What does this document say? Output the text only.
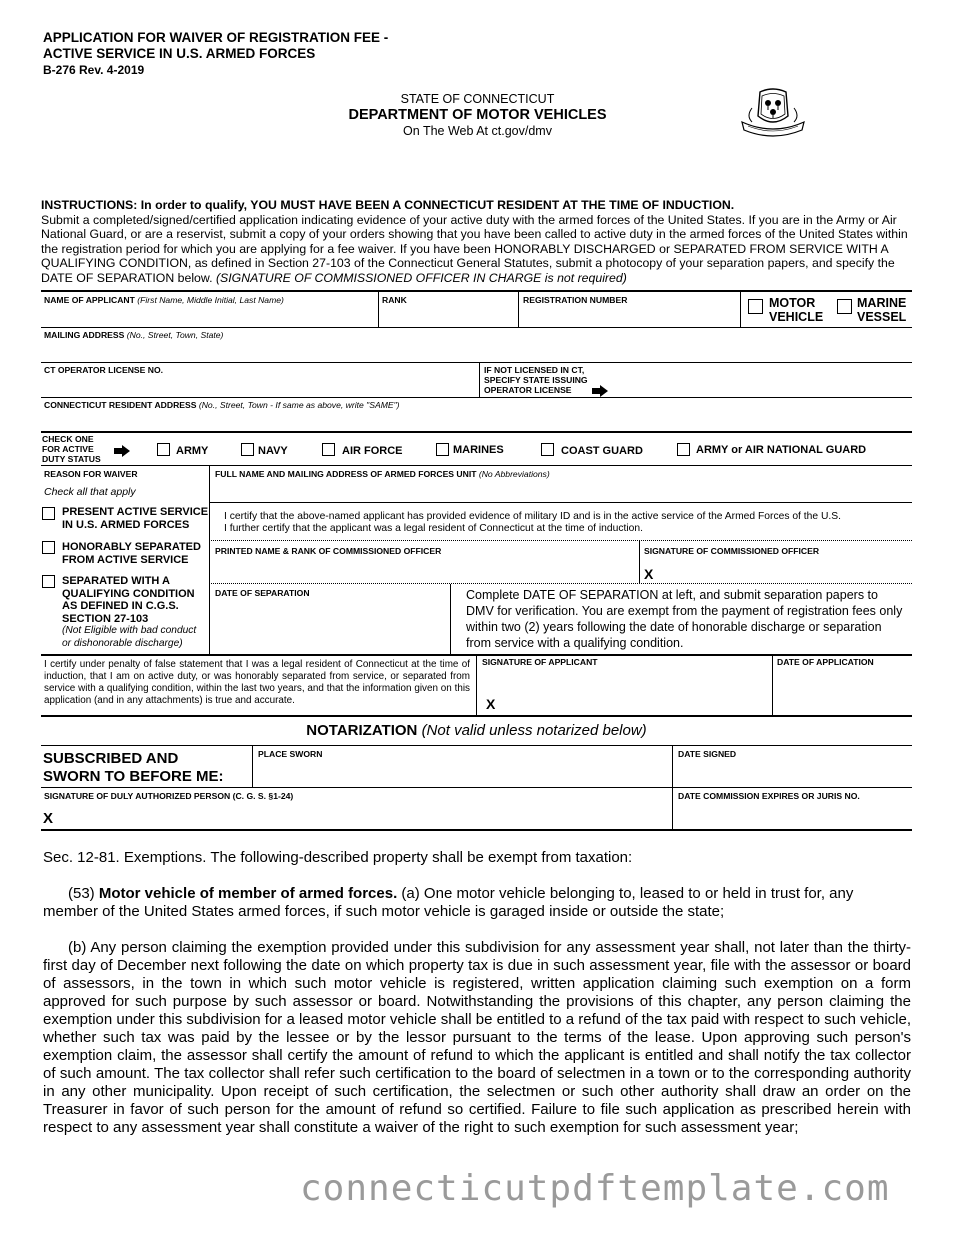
APPLICATION FOR WAIVER OF REGISTRATION FEE -
ACTIVE SERVICE IN U.S. ARMED FORCES
B-276 Rev. 4-2019
STATE OF CONNECTICUT
DEPARTMENT OF MOTOR VEHICLES
On The Web At ct.gov/dmv
INSTRUCTIONS: In order to qualify, YOU MUST HAVE BEEN A CONNECTICUT RESIDENT AT THE TIME OF INDUCTION.
Submit a completed/signed/certified application indicating evidence of your active duty with the armed forces of the United States. If you are in the Army or Air National Guard, or are a reservist, submit a copy of your orders showing that you have been called to active duty in the armed forces of the United States within the registration period for which you are applying for a fee waiver. If you have been HONORABLY DISCHARGED or SEPARATED FROM SERVICE WITH A QUALIFYING CONDITION, as defined in Section 27-103 of the Connecticut General Statutes, submit a photocopy of your separation papers, and specify the DATE OF SEPARATION below. (SIGNATURE OF COMMISSIONED OFFICER IN CHARGE is not required)
NAME OF APPLICANT (First Name, Middle Initial, Last Name)	RANK	REGISTRATION NUMBER	MOTOR
VEHICLE
MARINE
VESSEL
MAILING ADDRESS (No., Street, Town, State)
CT OPERATOR LICENSE NO.	IF NOT LICENSED IN CT,
SPECIFY STATE ISSUING
OPERATOR LICENSE
CONNECTICUT RESIDENT ADDRESS (No., Street, Town - If same as above, write "SAME")
CHECK ONE
FOR ACTIVE
DUTY STATUS
ARMY	NAVY	AIR FORCE	MARINES	COAST GUARD	ARMY or AIR NATIONAL GUARD
REASON FOR WAIVER
Check all that apply
FULL NAME AND MAILING ADDRESS OF ARMED FORCES UNIT (No Abbreviations)
PRESENT ACTIVE SERVICE
IN U.S. ARMED FORCES
HONORABLY SEPARATED
FROM ACTIVE SERVICE
SEPARATED WITH A
QUALIFYING CONDITION
AS DEFINED IN C.G.S.
SECTION 27-103
(Not Eligible with bad conduct
or dishonorable discharge)
I certify that the above-named applicant has provided evidence of military ID and is in the active service of the Armed Forces of the U.S.
I further certify that the applicant was a legal resident of Connecticut at the time of induction.
PRINTED NAME & RANK OF COMMISSIONED OFFICER	SIGNATURE OF COMMISSIONED OFFICER
X
DATE OF SEPARATION	Complete DATE OF SEPARATION at left, and submit separation papers to DMV for verification. You are exempt from the payment of registration fees only within two (2) years following the date of honorable discharge or separation from service with a qualifying condition.
I certify under penalty of false statement that I was a legal resident of Connecticut at the time of induction, that I am on active duty, or was honorably separated from service, or separated from service with a qualifying condition, within the last two years, and that the information given on this application (and in any attachments) is true and accurate.
SIGNATURE OF APPLICANT
X
DATE OF APPLICATION
NOTARIZATION (Not valid unless notarized below)
SUBSCRIBED AND
SWORN TO BEFORE ME:
PLACE SWORN	DATE SIGNED
SIGNATURE OF DULY AUTHORIZED PERSON (C. G. S. §1-24)	DATE COMMISSION EXPIRES OR JURIS NO.
X
Sec. 12-81. Exemptions. The following-described property shall be exempt from taxation:
(53) Motor vehicle of member of armed forces. (a) One motor vehicle belonging to, leased to or held in trust for, any member of the United States armed forces, if such motor vehicle is garaged inside or outside the state;
(b) Any person claiming the exemption provided under this subdivision for any assessment year shall, not later than the thirty-first day of December next following the date on which property tax is due in such assessment year, file with the assessor or board of assessors, in the town in which such motor vehicle is registered, written application claiming such exemption on a form approved for such purpose by such assessor or board. Notwithstanding the provisions of this chapter, any person claiming the exemption under this subdivision for a leased motor vehicle shall be entitled to a refund of the tax paid with respect to such vehicle, whether such tax was paid by the lessee or by the lessor pursuant to the terms of the lease. Upon approving such person's exemption claim, the assessor shall certify the amount of refund to which the applicant is entitled and shall notify the tax collector of such amount. The tax collector shall refer such certification to the board of selectmen in a town or to the corresponding authority in any other municipality. Upon receipt of such certification, the selectmen or such other authority shall draw an order on the Treasurer in favor of such person for the amount of refund so certified. Failure to file such application as prescribed herein with respect to any assessment year shall constitute a waiver of the right to such exemption for such assessment year;
connecticutpdftemplate.com
